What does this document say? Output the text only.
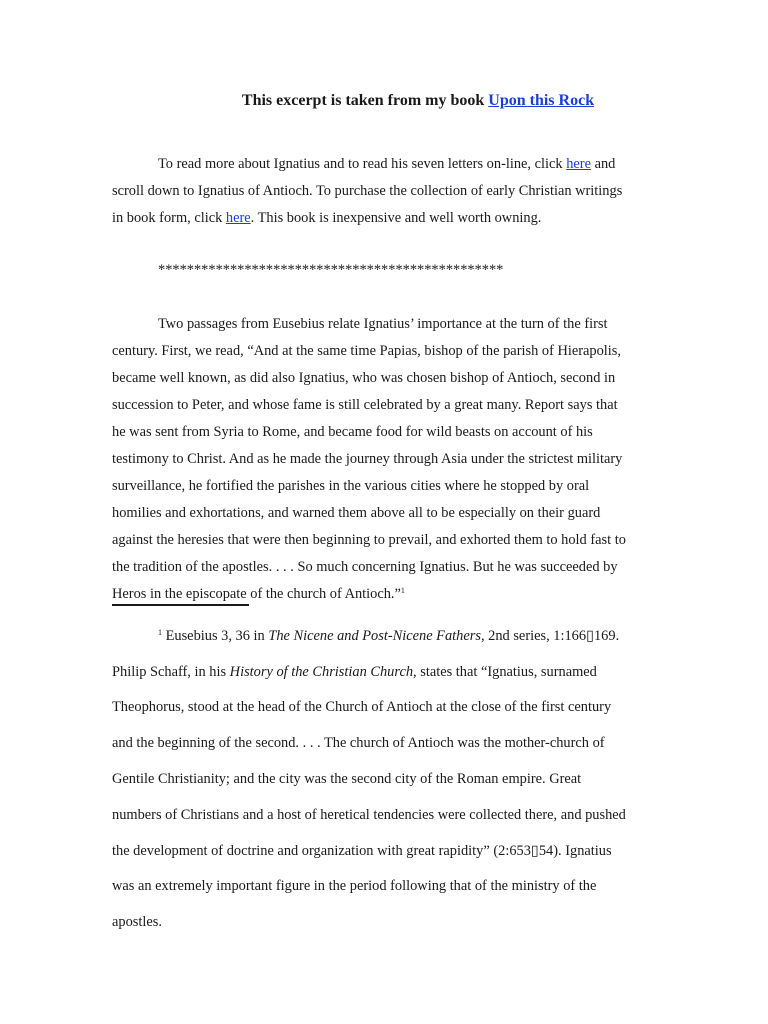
This excerpt is taken from my book Upon this Rock
To read more about Ignatius and to read his seven letters on-line, click here and
scroll down to Ignatius of Antioch. To purchase the collection of early Christian writings
in book form, click here. This book is inexpensive and well worth owning.
************************************************
Two passages from Eusebius relate Ignatius’ importance at the turn of the first
century. First, we read, “And at the same time Papias, bishop of the parish of Hierapolis,
became well known, as did also Ignatius, who was chosen bishop of Antioch, second in
succession to Peter, and whose fame is still celebrated by a great many. Report says that
he was sent from Syria to Rome, and became food for wild beasts on account of his
testimony to Christ. And as he made the journey through Asia under the strictest military
surveillance, he fortified the parishes in the various cities where he stopped by oral
homilies and exhortations, and warned them above all to be especially on their guard
against the heresies that were then beginning to prevail, and exhorted them to hold fast to
the tradition of the apostles. . . . So much concerning Ignatius. But he was succeeded by
Heros in the episcopate of the church of Antioch.”$^1$
$^1$ Eusebius 3, 36 in The Nicene and Post-Nicene Fathers, 2nd series, 1:166▯169.
Philip Schaff, in his History of the Christian Church, states that “Ignatius, surnamed
Theophorus, stood at the head of the Church of Antioch at the close of the first century
and the beginning of the second. . . . The church of Antioch was the mother-church of
Gentile Christianity; and the city was the second city of the Roman empire. Great
numbers of Christians and a host of heretical tendencies were collected there, and pushed
the development of doctrine and organization with great rapidity” (2:653▯54). Ignatius
was an extremely important figure in the period following that of the ministry of the
apostles.
